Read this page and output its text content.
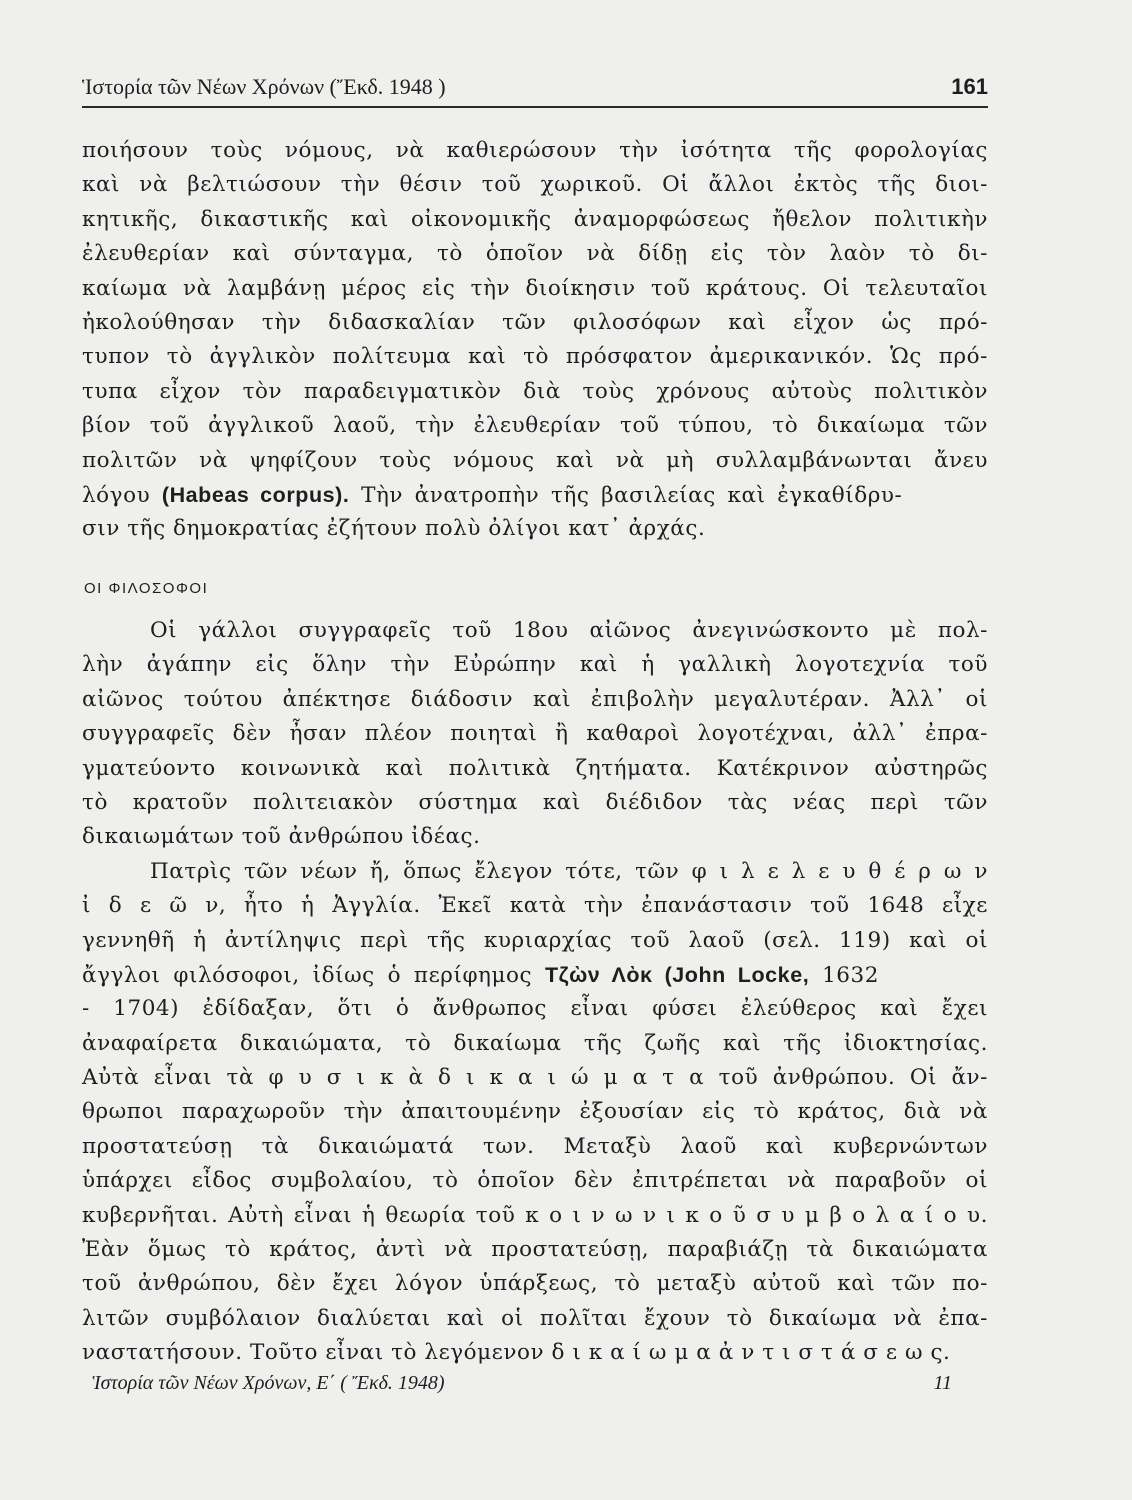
Ἱστορία τῶν Νέων Χρόνων (Ἔκδ. 1948 )	161
ποιήσουν τοὺς νόμους, νὰ καθιερώσουν τὴν ἰσότητα τῆς φορολογίας
καὶ νὰ βελτιώσουν τὴν θέσιν τοῦ χωρικοῦ. Οἱ ἄλλοι ἐκτὸς τῆς διοι-
κητικῆς, δικαστικῆς καὶ οἰκονομικῆς ἀναμορφώσεως ἤθελον πολιτικὴν
ἐλευθερίαν καὶ σύνταγμα, τὸ ὁποῖον νὰ δίδῃ εἰς τὸν λαὸν τὸ δι-
καίωμα νὰ λαμβάνῃ μέρος εἰς τὴν διοίκησιν τοῦ κράτους. Οἱ τελευταῖοι
ἠκολούθησαν τὴν διδασκαλίαν τῶν φιλοσόφων καὶ εἶχον ὡς πρό-
τυπον τὸ ἀγγλικὸν πολίτευμα καὶ τὸ πρόσφατον ἀμερικανικόν. Ὡς πρό-
τυπα εἶχον τὸν παραδειγματικὸν διὰ τοὺς χρόνους αὐτοὺς πολιτικὸν
βίον τοῦ ἀγγλικοῦ λαοῦ, τὴν ἐλευθερίαν τοῦ τύπου, τὸ δικαίωμα τῶν
πολιτῶν νὰ ψηφίζουν τοὺς νόμους καὶ νὰ μὴ συλλαμβάνωνται ἄνευ
λόγου (Habeas corpus). Τὴν ἀνατροπὴν τῆς βασιλείας καὶ ἐγκαθίδρυ-
σιν τῆς δημοκρατίας ἐζήτουν πολὺ ὀλίγοι κατ᾿ ἀρχάς.
ΟΙ ΦΙΛΟΣΟΦΟΙ
Οἱ γάλλοι συγγραφεῖς τοῦ 18ου αἰῶνος ἀνεγινώσκοντο μὲ πολ-
λὴν ἀγάπην εἰς ὅλην τὴν Εὐρώπην καὶ ἡ γαλλικὴ λογοτεχνία τοῦ
αἰῶνος τούτου ἀπέκτησε διάδοσιν καὶ ἐπιβολὴν μεγαλυτέραν. Ἀλλ᾿ οἱ
συγγραφεῖς δὲν ἦσαν πλέον ποιηταὶ ἢ καθαροὶ λογοτέχναι, ἀλλ᾿ ἐπρα-
γματεύοντο κοινωνικὰ καὶ πολιτικὰ ζητήματα. Κατέκρινον αὐστηρῶς
τὸ κρατοῦν πολιτειακὸν σύστημα καὶ διέδιδον τὰς νέας περὶ τῶν
δικαιωμάτων τοῦ ἀνθρώπου ἰδέας.
Πατρὶς τῶν νέων ἤ, ὅπως ἔλεγον τότε, τῶν φ ι λ ε λ ε υ θ έ ρ ω ν
ἰ δ ε ῶ ν, ἦτο ἡ Ἀγγλία. Ἐκεῖ κατὰ τὴν ἐπανάστασιν τοῦ 1648 εἶχε
γεννηθῆ ἡ ἀντίληψις περὶ τῆς κυριαρχίας τοῦ λαοῦ (σελ. 119) καὶ οἱ
ἄγγλοι φιλόσοφοι, ἰδίως ὁ περίφημος Τζὼν Λὸκ (John Locke, 1632
- 1704) ἐδίδαξαν, ὅτι ὁ ἄνθρωπος εἶναι φύσει ἐλεύθερος καὶ ἔχει
ἀναφαίρετα δικαιώματα, τὸ δικαίωμα τῆς ζωῆς καὶ τῆς ἰδιοκτησίας.
Αὐτὰ εἶναι τὰ φ υ σ ι κ ὰ δ ι κ α ι ώ μ α τ α τοῦ ἀνθρώπου. Οἱ ἄν-
θρωποι παραχωροῦν τὴν ἀπαιτουμένην ἐξουσίαν εἰς τὸ κράτος, διὰ νὰ
προστατεύσῃ τὰ δικαιώματά των. Μεταξὺ λαοῦ καὶ κυβερνώντων
ὑπάρχει εἶδος συμβολαίου, τὸ ὁποῖον δὲν ἐπιτρέπεται νὰ παραβοῦν οἱ
κυβερνῆται. Αὐτὴ εἶναι ἡ θεωρία τοῦ κ ο ι ν ω ν ι κ ο ῦ σ υ μ β ο λ α ί ο υ.
Ἐὰν ὅμως τὸ κράτος, ἀντὶ νὰ προστατεύσῃ, παραβιάζῃ τὰ δικαιώματα
τοῦ ἀνθρώπου, δὲν ἔχει λόγον ὑπάρξεως, τὸ μεταξὺ αὐτοῦ καὶ τῶν πο-
λιτῶν συμβόλαιον διαλύεται καὶ οἱ πολῖται ἔχουν τὸ δικαίωμα νὰ ἐπα-
ναστατήσουν. Τοῦτο εἶναι τὸ λεγόμενον δ ι κ α ί ω μ α ἀ ν τ ι σ τ ά σ ε ω ς.
Ἱστορία τῶν Νέων Χρόνων, Ε΄ ( Ἔκδ. 1948)	11
